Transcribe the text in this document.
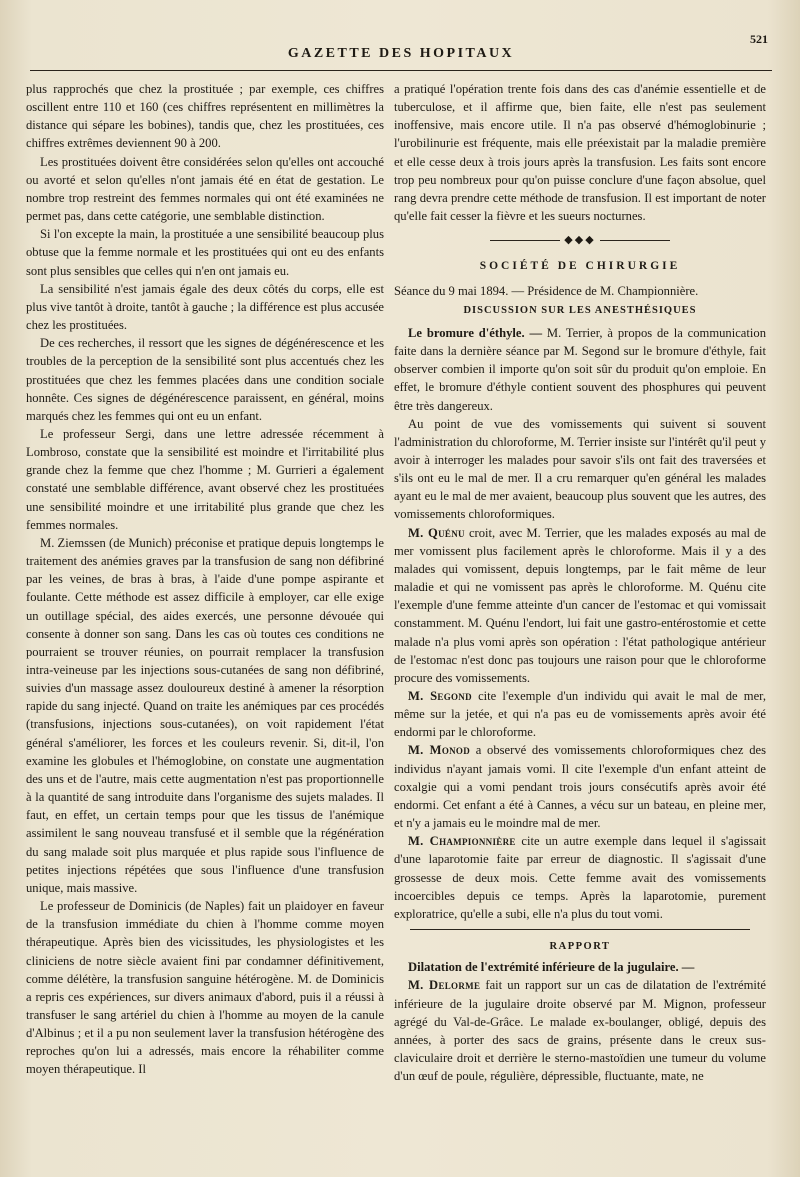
GAZETTE DES HOPITAUX
521

plus rapprochés que chez la prostituée ; par exemple, ces chiffres oscillent entre 110 et 160 (ces chiffres représentent en millimètres la distance qui sépare les bobines), tandis que, chez les prostituées, ces chiffres extrêmes deviennent 90 à 200.

Les prostituées doivent être considérées selon qu'elles ont accouché ou avorté et selon qu'elles n'ont jamais été en état de gestation. Le nombre trop restreint des femmes normales qui ont été examinées ne permet pas, dans cette catégorie, une semblable distinction.

Si l'on excepte la main, la prostituée a une sensibilité beaucoup plus obtuse que la femme normale et les prostituées qui ont eu des enfants sont plus sensibles que celles qui n'en ont jamais eu.

La sensibilité n'est jamais égale des deux côtés du corps, elle est plus vive tantôt à droite, tantôt à gauche ; la différence est plus accusée chez les prostituées.

De ces recherches, il ressort que les signes de dégénérescence et les troubles de la perception de la sensibilité sont plus accentués chez les prostituées que chez les femmes placées dans une condition sociale honnête. Ces signes de dégénérescence paraissent, en général, moins marqués chez les femmes qui ont eu un enfant.

Le professeur Sergi, dans une lettre adressée récemment à Lombroso, constate que la sensibilité est moindre et l'irritabilité plus grande chez la femme que chez l'homme ; M. Gurrieri a également constaté une semblable différence, avant observé chez les prostituées une sensibilité moindre et une irritabilité plus grande que chez les femmes normales.

M. Ziemssen (de Munich) préconise et pratique depuis longtemps le traitement des anémies graves par la transfusion de sang non défibriné par les veines, de bras à bras, à l'aide d'une pompe aspirante et foulante. Cette méthode est assez difficile à employer, car elle exige un outillage spécial, des aides exercés, une personne dévouée qui consente à donner son sang. Dans les cas où toutes ces conditions ne pourraient se trouver réunies, on pourrait remplacer la transfusion intra-veineuse par les injections sous-cutanées de sang non défibriné, suivies d'un massage assez douloureux destiné à amener la résorption rapide du sang injecté. Quand on traite les anémiques par ces procédés (transfusions, injections sous-cutanées), on voit rapidement l'état général s'améliorer, les forces et les couleurs revenir. Si, dit-il, l'on examine les globules et l'hémoglobine, on constate une augmentation des uns et de l'autre, mais cette augmentation n'est pas proportionnelle à la quantité de sang introduite dans l'organisme des sujets malades. Il faut, en effet, un certain temps pour que les tissus de l'anémique assimilent le sang nouveau transfusé et il semble que la régénération du sang malade soit plus marquée et plus rapide sous l'influence de petites injections répétées que sous l'influence d'une transfusion unique, mais massive.

Le professeur de Dominicis (de Naples) fait un plaidoyer en faveur de la transfusion immédiate du chien à l'homme comme moyen thérapeutique. Après bien des vicissitudes, les physiologistes et les cliniciens de notre siècle avaient fini par condamner définitivement, comme délétère, la transfusion sanguine hétérogène. M. de Dominicis a repris ces expériences, sur divers animaux d'abord, puis il a réussi à transfuser le sang artériel du chien à l'homme au moyen de la canule d'Albinus ; et il a pu non seulement laver la transfusion hétérogène des reproches qu'on lui a adressés, mais encore la réhabiliter comme moyen thérapeutique. Il

a pratiqué l'opération trente fois dans des cas d'anémie essentielle et de tuberculose, et il affirme que, bien faite, elle n'est pas seulement inoffensive, mais encore utile. Il n'a pas observé d'hémoglobinurie ; l'urobilinurie est fréquente, mais elle préexistait par la maladie première et elle cesse deux à trois jours après la transfusion. Les faits sont encore trop peu nombreux pour qu'on puisse conclure d'une façon absolue, quel rang devra prendre cette méthode de transfusion. Il est important de noter qu'elle fait cesser la fièvre et les sueurs nocturnes.

◆◆◆
SOCIÉTÉ DE CHIRURGIE

Séance du 9 mai 1894. — Présidence de M. Championnière.

DISCUSSION SUR LES ANESTHÉSIQUES

Le bromure d'éthyle. — M. Terrier, à propos de la communication faite dans la dernière séance par M. Segond sur le bromure d'éthyle, fait observer combien il importe qu'on soit sûr du produit qu'on emploie. En effet, le bromure d'éthyle contient souvent des phosphures qui peuvent être très dangereux.

Au point de vue des vomissements qui suivent si souvent l'administration du chloroforme, M. Terrier insiste sur l'intérêt qu'il peut y avoir à interroger les malades pour savoir s'ils ont fait des traversées et s'ils ont eu le mal de mer. Il a cru remarquer qu'en général les malades ayant eu le mal de mer avaient, beaucoup plus souvent que les autres, des vomissements chloroformiques.

M. Quénu croit, avec M. Terrier, que les malades exposés au mal de mer vomissent plus facilement après le chloroforme. Mais il y a des malades qui vomissent, depuis longtemps, par le fait même de leur maladie et qui ne vomissent pas après le chloroforme. M. Quénu cite l'exemple d'une femme atteinte d'un cancer de l'estomac et qui vomissait constamment. M. Quénu l'endort, lui fait une gastro-entérostomie et cette malade n'a plus vomi après son opération : l'état pathologique antérieur de l'estomac n'est donc pas toujours une raison pour que le chloroforme procure des vomissements.

M. Segond cite l'exemple d'un individu qui avait le mal de mer, même sur la jetée, et qui n'a pas eu de vomissements après avoir été endormi par le chloroforme.

M. Monod a observé des vomissements chloroformiques chez des individus n'ayant jamais vomi. Il cite l'exemple d'un enfant atteint de coxalgie qui a vomi pendant trois jours consécutifs après avoir été endormi. Cet enfant a été à Cannes, a vécu sur un bateau, en pleine mer, et n'y a jamais eu le moindre mal de mer.

M. Championnière cite un autre exemple dans lequel il s'agissait d'une laparotomie faite par erreur de diagnostic. Il s'agissait d'une grossesse de deux mois. Cette femme avait des vomissements incoercibles depuis ce temps. Après la laparotomie, purement exploratrice, qu'elle a subi, elle n'a plus du tout vomi.

RAPPORT

Dilatation de l'extrémité inférieure de la jugulaire. —

M. Delorme fait un rapport sur un cas de dilatation de l'extrémité inférieure de la jugulaire droite observé par M. Mignon, professeur agrégé du Val-de-Grâce. Le malade ex-boulanger, obligé, depuis des années, à porter des sacs de grains, présente dans le creux sus-claviculaire droit et derrière le sterno-mastoïdien une tumeur du volume d'un œuf de poule, régulière, dépressible, fluctuante, mate, ne
